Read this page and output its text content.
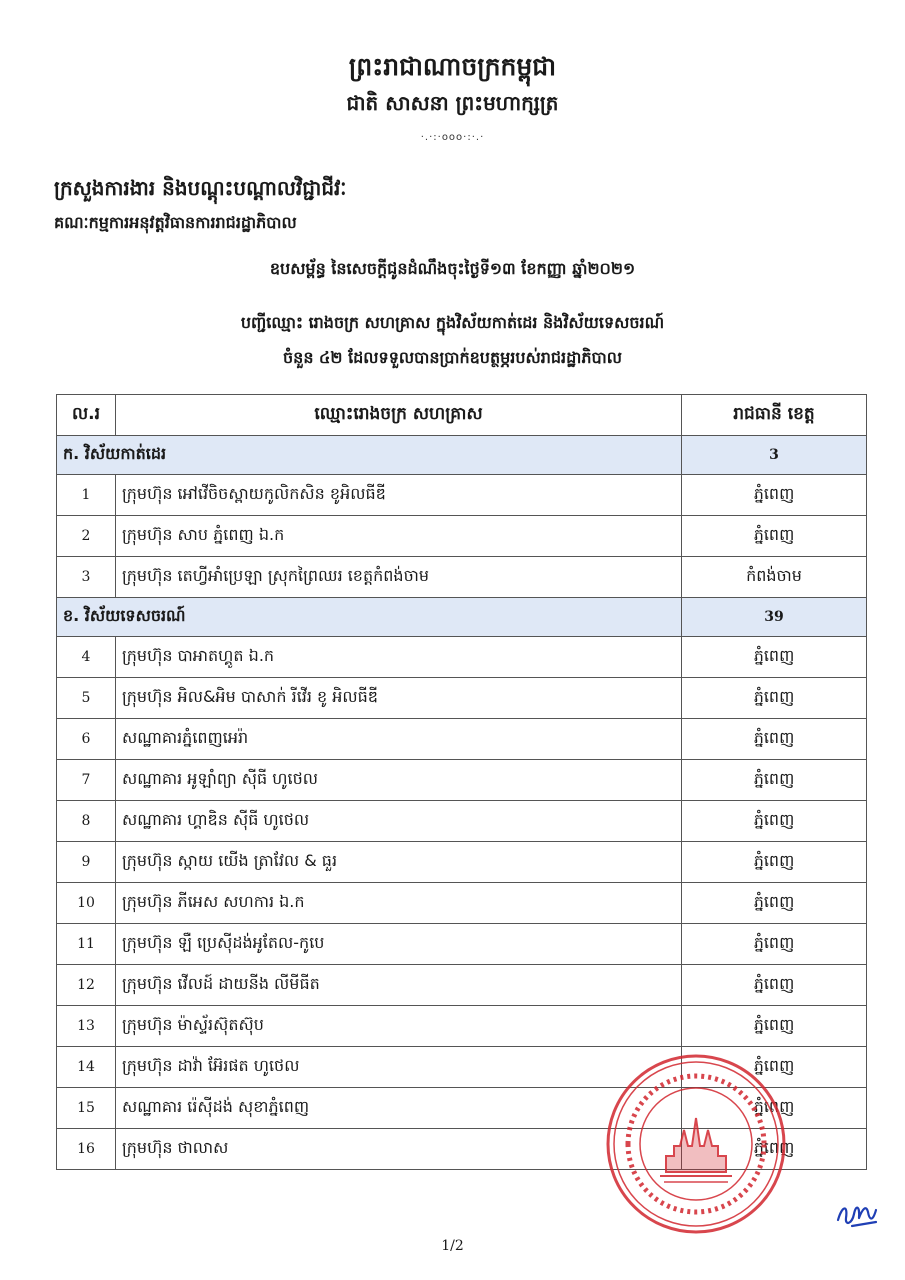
ព្រះរាជាណាចក្រកម្ពុជា
ជាតិ សាសនា ព្រះមហាក្សត្រ
·.·:·ooo·:·.·
ក្រសួងការងារ និងបណ្តុះបណ្តាលវិជ្ជាជីវៈ
គណៈកម្មការអនុវត្តវិធានការរាជរដ្ឋាភិបាល
ឧបសម្ព័ន្ធ នៃសេចក្តីជូនដំណឹងចុះថ្ងៃទី១៣ ខែកញ្ញា ឆ្នាំ២០២១
បញ្ជីឈ្មោះ រោងចក្រ សហគ្រាស ក្នុងវិស័យកាត់ដេរ និងវិស័យទេសចរណ៍
ចំនួន ៤២ ដែលទទួលបានប្រាក់ឧបត្ថម្ភរបស់រាជរដ្ឋាភិបាល
ល.រ	ឈ្មោះរោងចក្រ សហគ្រាស	រាជធានី ខេត្ត
ក. វិស័យកាត់ដេរ		3
1	ក្រុមហ៊ុន អៅវើចិចស្ពាយកូលិកសិន ខូអិលធីឌី	ភ្នំពេញ
2	ក្រុមហ៊ុន សាប ភ្នំពេញ ឯ.ក	ភ្នំពេញ
3	ក្រុមហ៊ុន តេហ្វីអាំប្រេឡា ស្រុកព្រៃឈរ ខេត្តកំពង់ចាម	កំពង់ចាម
ខ. វិស័យទេសចរណ៍		39
4	ក្រុមហ៊ុន បាអាតហ្គូត ឯ.ក	ភ្នំពេញ
5	ក្រុមហ៊ុន អិល&អិម បាសាក់ រីវើរ ខូ អិលធីឌី	ភ្នំពេញ
6	សណ្ឋាគារភ្នំពេញអេរ៉ា	ភ្នំពេញ
7	សណ្ឋាគារ អូឡាំព្យា ស៊ីធី ហូថេល	ភ្នំពេញ
8	សណ្ឋាគារ ហ្គាឌិន ស៊ីធី ហូថេល	ភ្នំពេញ
9	ក្រុមហ៊ុន ស្កាយ យើង ត្រាវែល & ធួរ	ភ្នំពេញ
10	ក្រុមហ៊ុន ភីអេស សហការ ឯ.ក	ភ្នំពេញ
11	ក្រុមហ៊ុន ឡឺ ប្រេស៊ីដង់អូតែល-កូបេ	ភ្នំពេញ
12	ក្រុមហ៊ុន វើលដ៍ ដាយនីង លីមីធីត	ភ្នំពេញ
13	ក្រុមហ៊ុន ម៉ាស្ទ័រស៊ុតស៊ុប	ភ្នំពេញ
14	ក្រុមហ៊ុន ដាវ៉ា អ៊ែរផត ហូថេល	ភ្នំពេញ
15	សណ្ឋាគារ រ៉េស៊ីដង់ សុខាភ្នំពេញ	ភ្នំពេញ
16	ក្រុមហ៊ុន ថាលាស	ភ្នំពេញ
1/2
